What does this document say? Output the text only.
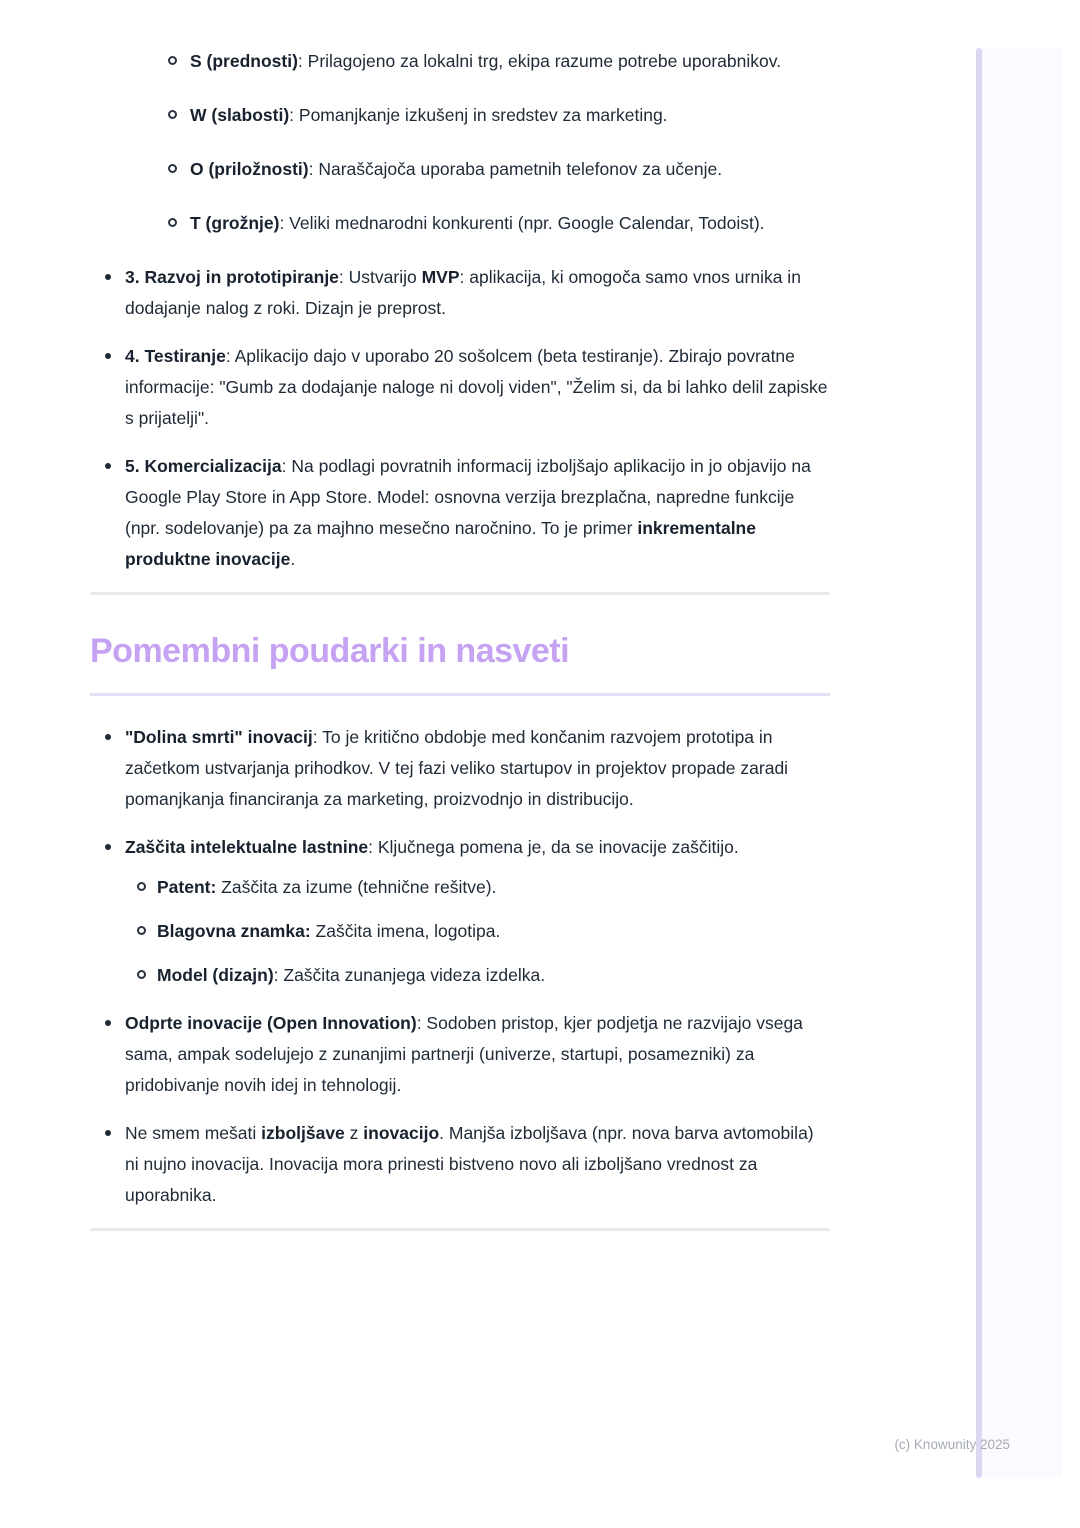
S (prednosti): Prilagojeno za lokalni trg, ekipa razume potrebe uporabnikov.
W (slabosti): Pomanjkanje izkušenj in sredstev za marketing.
O (priložnosti): Naraščajoča uporaba pametnih telefonov za učenje.
T (grožnje): Veliki mednarodni konkurenti (npr. Google Calendar, Todoist).
3. Razvoj in prototipiranje: Ustvarijo MVP: aplikacija, ki omogoča samo vnos urnika in dodajanje nalog z roki. Dizajn je preprost.
4. Testiranje: Aplikacijo dajo v uporabo 20 sošolcem (beta testiranje). Zbirajo povratne informacije: "Gumb za dodajanje naloge ni dovolj viden", "Želim si, da bi lahko delil zapiske s prijatelji".
5. Komercializacija: Na podlagi povratnih informacij izboljšajo aplikacijo in jo objavijo na Google Play Store in App Store. Model: osnovna verzija brezplačna, napredne funkcije (npr. sodelovanje) pa za majhno mesečno naročnino. To je primer inkrementalne produktne inovacije.
Pomembni poudarki in nasveti
"Dolina smrti" inovacij: To je kritično obdobje med končanim razvojem prototipa in začetkom ustvarjanja prihodkov. V tej fazi veliko startupov in projektov propade zaradi pomanjkanja financiranja za marketing, proizvodnjo in distribucijo.
Zaščita intelektualne lastnine: Ključnega pomena je, da se inovacije zaščitijo.
Patent: Zaščita za izume (tehnične rešitve).
Blagovna znamka: Zaščita imena, logotipa.
Model (dizajn): Zaščita zunanjega videza izdelka.
Odprte inovacije (Open Innovation): Sodoben pristop, kjer podjetja ne razvijajo vsega sama, ampak sodelujejo z zunanjimi partnerji (univerze, startupi, posamezniki) za pridobivanje novih idej in tehnologij.
Ne smem mešati izboljšave z inovacijo. Manjša izboljšava (npr. nova barva avtomobila) ni nujno inovacija. Inovacija mora prinesti bistveno novo ali izboljšano vrednost za uporabnika.
(c) Knowunity 2025
